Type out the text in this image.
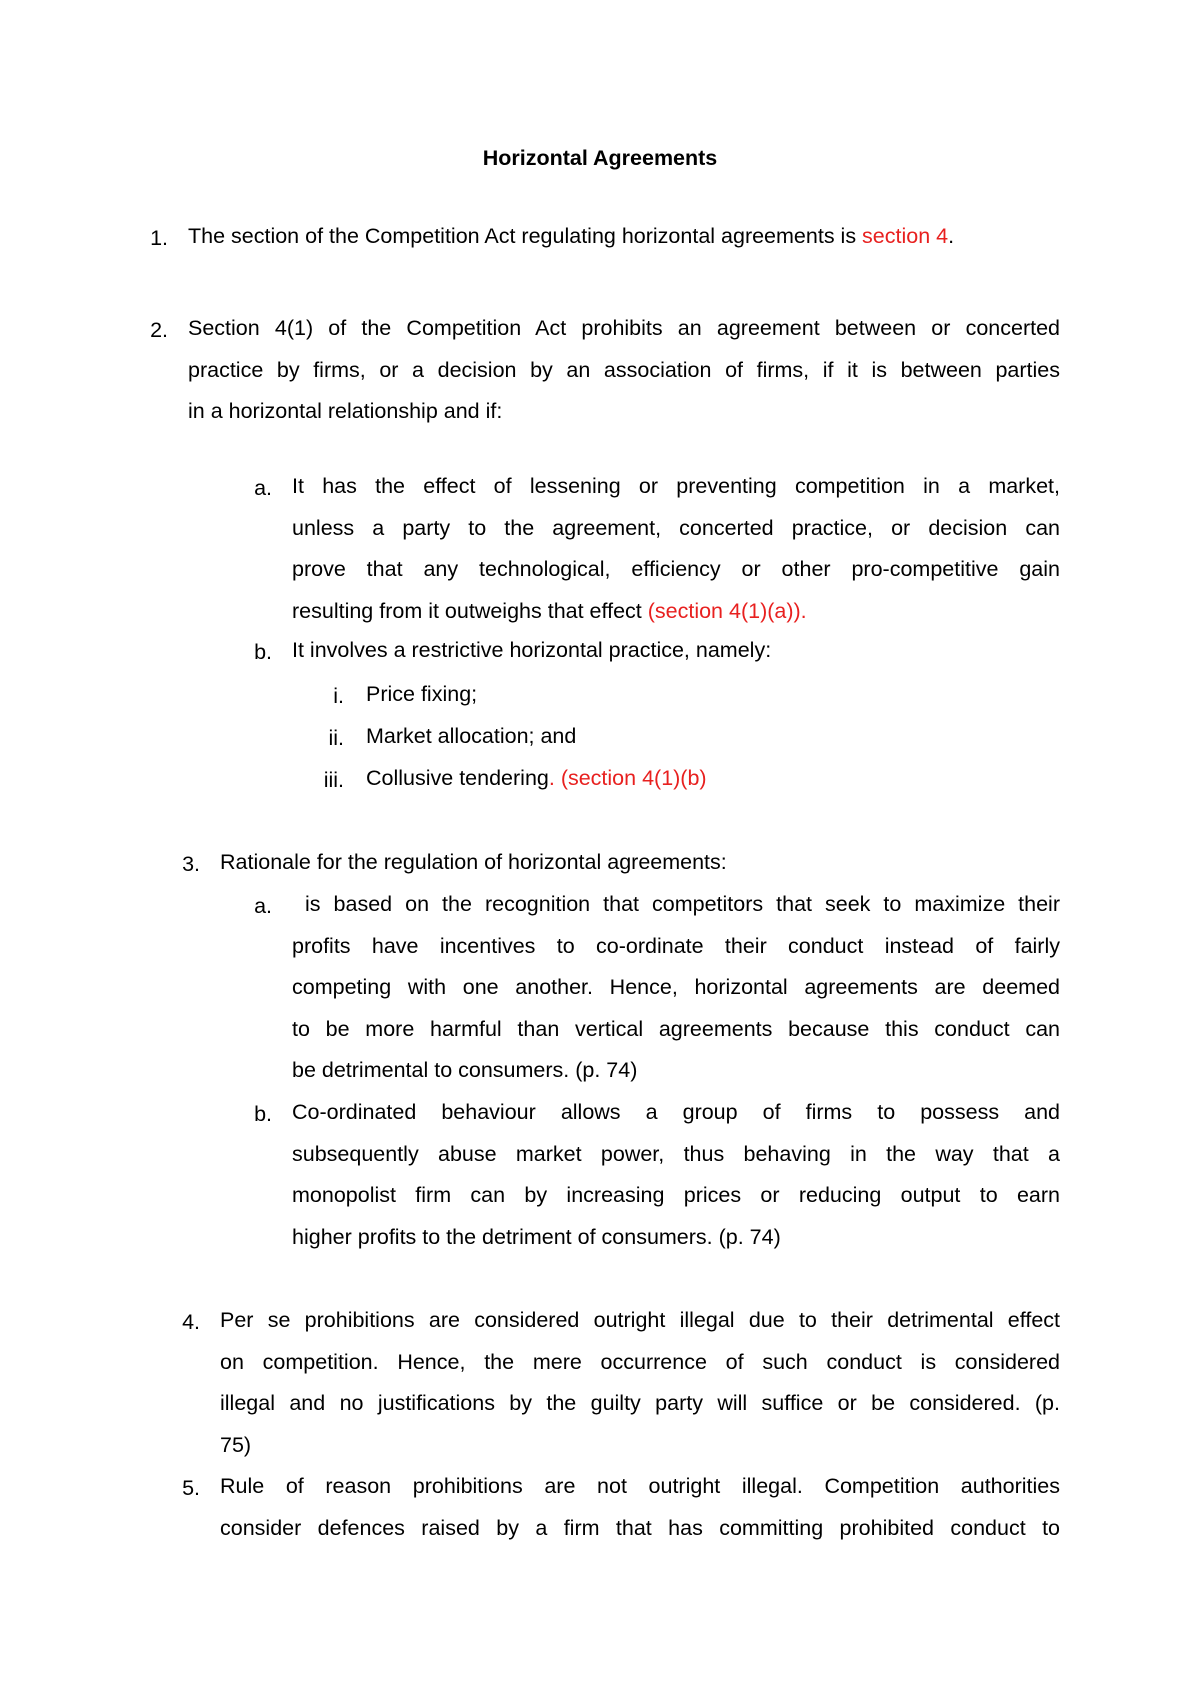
Horizontal Agreements
1. The section of the Competition Act regulating horizontal agreements is section 4.
2. Section 4(1) of the Competition Act prohibits an agreement between or concerted
practice by firms, or a decision by an association of firms, if it is between parties
in a horizontal relationship and if:
a. It has the effect of lessening or preventing competition in a market,
unless a party to the agreement, concerted practice, or decision can
prove that any technological, efficiency or other pro-competitive gain
resulting from it outweighs that effect (section 4(1)(a)).
b. It involves a restrictive horizontal practice, namely:
i. Price fixing;
ii. Market allocation; and
iii. Collusive tendering. (section 4(1)(b)
3. Rationale for the regulation of horizontal agreements:
a. is based on the recognition that competitors that seek to maximize their
profits have incentives to co-ordinate their conduct instead of fairly
competing with one another. Hence, horizontal agreements are deemed
to be more harmful than vertical agreements because this conduct can
be detrimental to consumers. (p. 74)
b. Co-ordinated behaviour allows a group of firms to possess and
subsequently abuse market power, thus behaving in the way that a
monopolist firm can by increasing prices or reducing output to earn
higher profits to the detriment of consumers. (p. 74)
4. Per se prohibitions are considered outright illegal due to their detrimental effect
on competition. Hence, the mere occurrence of such conduct is considered
illegal and no justifications by the guilty party will suffice or be considered. (p.
75)
5. Rule of reason prohibitions are not outright illegal. Competition authorities
consider defences raised by a firm that has committing prohibited conduct to
